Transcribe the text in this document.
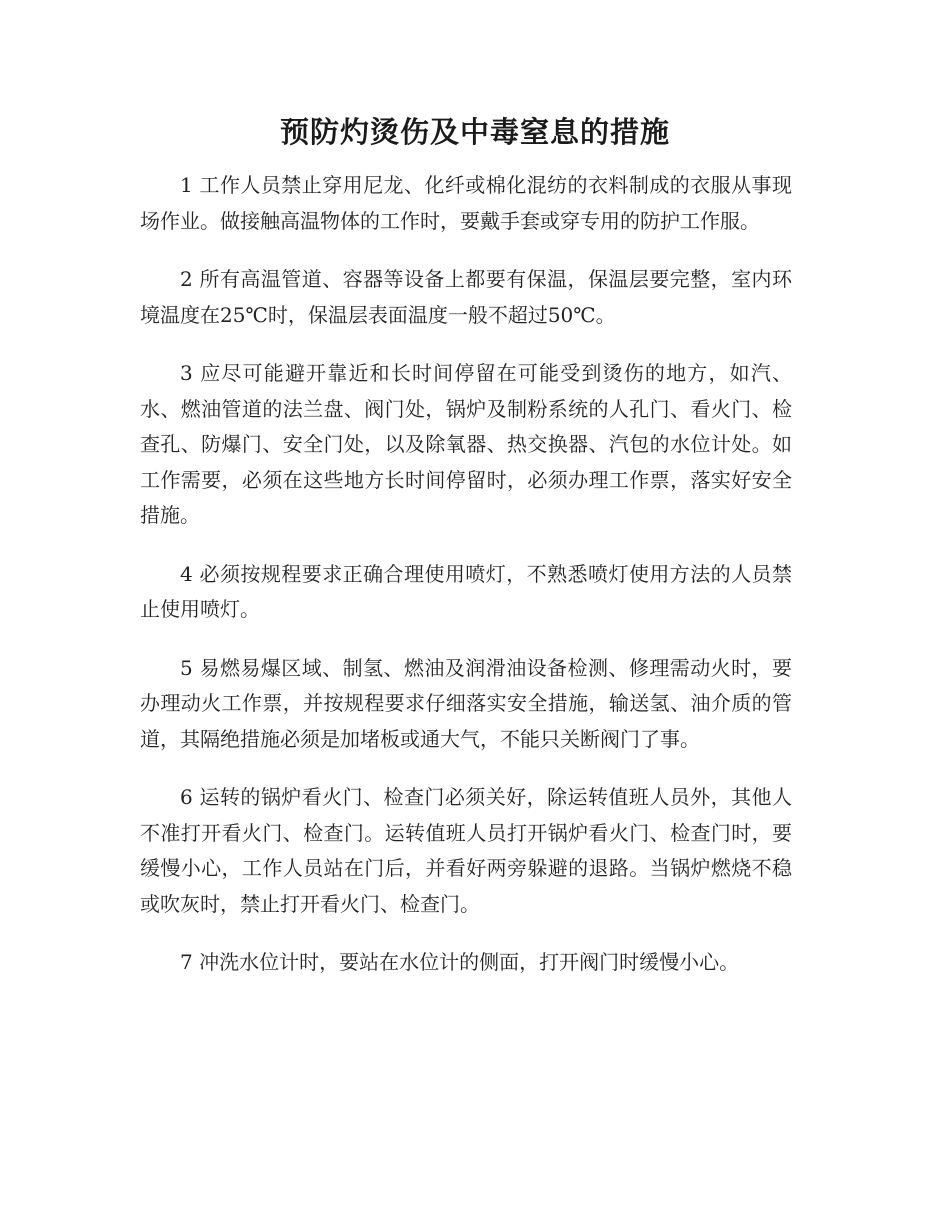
预防灼烫伤及中毒窒息的措施

1 工作人员禁止穿用尼龙、化纤或棉化混纺的衣料制成的衣服从事现场作业。做接触高温物体的工作时，要戴手套或穿专用的防护工作服。

2 所有高温管道、容器等设备上都要有保温，保温层要完整，室内环境温度在25℃时，保温层表面温度一般不超过50℃。

3 应尽可能避开靠近和长时间停留在可能受到烫伤的地方，如汽、水、燃油管道的法兰盘、阀门处，锅炉及制粉系统的人孔门、看火门、检查孔、防爆门、安全门处，以及除氧器、热交换器、汽包的水位计处。如工作需要，必须在这些地方长时间停留时，必须办理工作票，落实好安全措施。

4 必须按规程要求正确合理使用喷灯，不熟悉喷灯使用方法的人员禁止使用喷灯。

5 易燃易爆区域、制氢、燃油及润滑油设备检测、修理需动火时，要办理动火工作票，并按规程要求仔细落实安全措施，输送氢、油介质的管道，其隔绝措施必须是加堵板或通大气，不能只关断阀门了事。

6 运转的锅炉看火门、检查门必须关好，除运转值班人员外，其他人不准打开看火门、检查门。运转值班人员打开锅炉看火门、检查门时，要缓慢小心，工作人员站在门后，并看好两旁躲避的退路。当锅炉燃烧不稳或吹灰时，禁止打开看火门、检查门。

7 冲洗水位计时，要站在水位计的侧面，打开阀门时缓慢小心。
